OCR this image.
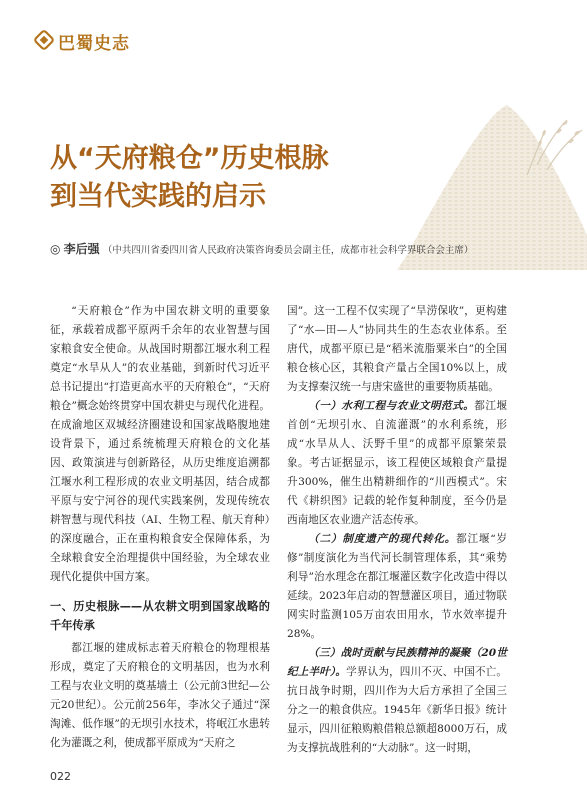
巴蜀史志
从“天府粮仓”历史根脉
到当代实践的启示
◎ 李后强 （中共四川省委四川省人民政府决策咨询委员会副主任，成都市社会科学界联合会主席）

“天府粮仓”作为中国农耕文明的重要象征，承载着成都平原两千余年的农业智慧与国家粮食安全使命。从战国时期都江堰水利工程奠定“水旱从人”的农业基础，到新时代习近平总书记提出“打造更高水平的天府粮仓”，“天府粮仓”概念始终贯穿中国农耕史与现代化进程。在成渝地区双城经济圈建设和国家战略腹地建设背景下，通过系统梳理天府粮仓的文化基因、政策演进与创新路径，从历史维度追溯都江堰水利工程形成的农业文明基因，结合成都平原与安宁河谷的现代实践案例，发现传统农耕智慧与现代科技（AI、生物工程、航天育种）的深度融合，正在重构粮食安全保障体系，为全球粮食安全治理提供中国经验，为全球农业现代化提供中国方案。

一、历史根脉——从农耕文明到国家战略的千年传承

都江堰的建成标志着天府粮仓的物理根基形成，奠定了天府粮仓的文明基因，也为水利工程与农业文明的奠基墙土（公元前3世纪—公元20世纪）。公元前256年，李冰父子通过“深淘滩、低作堰”的无坝引水技术，将岷江水患转化为灌溉之利，使成都平原成为“天府之

国”。这一工程不仅实现了“旱涝保收”，更构建了“水—田—人”协同共生的生态农业体系。至唐代，成都平原已是“稻米流脂粟米白”的全国粮仓核心区，其粮食产量占全国10%以上，成为支撑秦汉统一与唐宋盛世的重要物质基础。

（一）水利工程与农业文明范式。都江堰首创“无坝引水、自流灌溉”的水利系统，形成“水旱从人、沃野千里”的成都平原繁荣景象。考古证据显示，该工程使区域粮食产量提升300%，催生出精耕细作的“川西模式”。宋代《耕织图》记载的轮作复种制度，至今仍是西南地区农业遗产活态传承。

（二）制度遗产的现代转化。都江堰“岁修”制度演化为当代河长制管理体系，其“乘势利导”治水理念在都江堰灌区数字化改造中得以延续。2023年启动的智慧灌区项目，通过物联网实时监测105万亩农田用水，节水效率提升28%。

（三）战时贡献与民族精神的凝聚（20世纪上半叶）。学界认为，四川不灭、中国不亡。抗日战争时期，四川作为大后方承担了全国三分之一的粮食供应。1945年《新华日报》统计显示，四川征粮购粮借粮总额超8000万石，成为支撑抗战胜利的“大动脉”。这一时期，

022
